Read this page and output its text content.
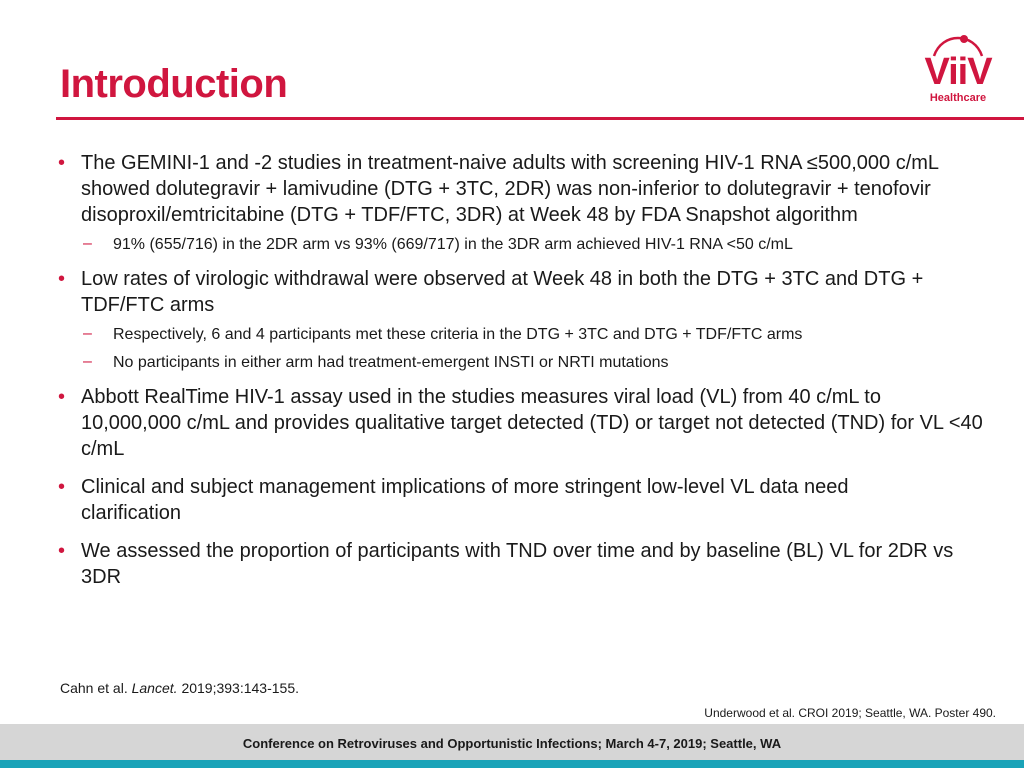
Introduction	ViiV
Healthcare
• The GEMINI-1 and -2 studies in treatment-naive adults with screening HIV-1 RNA ≤500,000 c/mL showed dolutegravir + lamivudine (DTG + 3TC, 2DR) was non-inferior to dolutegravir + tenofovir disoproxil/emtricitabine (DTG + TDF/FTC, 3DR) at Week 48 by FDA Snapshot algorithm
– 91% (655/716) in the 2DR arm vs 93% (669/717) in the 3DR arm achieved HIV-1 RNA <50 c/mL
• Low rates of virologic withdrawal were observed at Week 48 in both the DTG + 3TC and DTG + TDF/FTC arms
– Respectively, 6 and 4 participants met these criteria in the DTG + 3TC and DTG + TDF/FTC arms
– No participants in either arm had treatment-emergent INSTI or NRTI mutations
• Abbott RealTime HIV-1 assay used in the studies measures viral load (VL) from 40 c/mL to 10,000,000 c/mL and provides qualitative target detected (TD) or target not detected (TND) for VL <40 c/mL
• Clinical and subject management implications of more stringent low-level VL data need clarification
• We assessed the proportion of participants with TND over time and by baseline (BL) VL for 2DR vs 3DR
Cahn et al. Lancet. 2019;393:143-155.
Underwood et al. CROI 2019; Seattle, WA. Poster 490.
Conference on Retroviruses and Opportunistic Infections; March 4-7, 2019; Seattle, WA
